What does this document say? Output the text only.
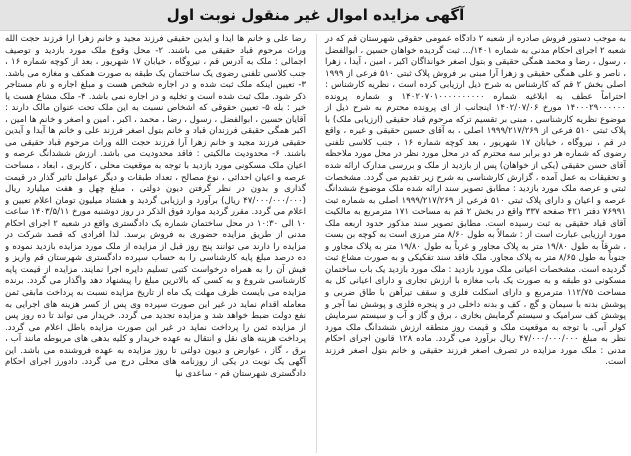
آگهی مزایده اموال غیر منقول نوبت اول

به موجب دستور فروش صادره از شعبه ۲ دادگاه عمومی حقوقی شهرستان قم که در شعبه ۲ اجرای احکام مدنی به شماره ۱۴۰۱/... ثبت گردیده خواهان حسین ، ابوالفضل ، رسول ، رضا و محمد همگی حقیقی و بتول اصغر خوانداگان اکبر ، امین ، آیدا ، زهرا ، ناصر و علی همگی حقیقی و زهرا آرا مبنی بر فروش پلاک ثبتی ۵۱۰ فرعی از ۱۹۹۹ اصلی بخش ۲ قم که کارشناس به شرح ذیل ارزیابی کرده است ، نظریه کارشناس : احتراماً عطف به ابلاغیه شماره ۱۴۰۲۰۷۰۱۰۰۰۰۰۰۰۰۰۰ و شماره پرونده ۱۴۰۰۰۲۹۰۰۰۰۰۰ مورخ ۱۴۰۲/۰۷/۰۶ اینجانب از ای پرونده محترم به شرح ذیل از موضوع نظریه کارشناسی ، مبنی بر تقسیم ترکه مرحوم قباد حقیقی (ارزیابی ملک) با پلاک ثبتی ۵۱۰ فرعی از ۱۹۹۹/۲۱۷/۲۶۹ اصلی ، به آقای حسین حقیقی و غیره ، واقع در قم ، نیروگاه ، خیابان ۱۷ شهریور ، بعد کوچه شماره ۱۶ ، جنب کلاسی تلفنی رضوی که شماره هر دو برابر سه محترم که در محل مورد نظر در محل مورد ملاحظه آقای حسن حقیقی (یکی از خواهان) پس از بازدید از ملک و بررسی مدارک ارائه شده و تحقیقات به عمل آمده ، گزارش کارشناسی به شرح زیر تقدیم می گردد. مشخصات ثبتی و عرصه ملک مورد بازدید : مطابق تصویر سند ارائه شده ملک موضوع ششدانگ عرصه و اعیان و دارای پلاک ثبتی ۵۱۰ فرعی از ۱۹۹۹/۲۱۷/۲۶۹ اصلی به شماره ثبت ۷۶۹۹۱ دفتر ۴۲۱ صفحه ۳۳۷ واقع در بخش ۲ قم به مساحت ۱۷۱ مترمربع به مالکیت آقای قباد حقیقی به ثبت رسیده است. مطابق تصویر سند مذکور حدود اربعه ملک مورد ارزیابی عبارت است از : شمالاً به طول ۸/۶۰ متر مرزی است به کوچه بن بست ، شرقاً به طول ۱۹/۸۰ متر به پلاک مجاور و غرباً به طول ۱۹/۸۰ متر به پلاک مجاور و جنوباً به طول ۸/۶۵ متر به پلاک مجاور. ملک فاقد سند تفکیکی و به صورت مشاع ثبت گردیده است. مشخصات اعیانی ملک مورد بازدید : ملک مورد بازدید یک باب ساختمان مسکونی دو طبقه و به صورت یک باب مغازه با ارزش تجاری و دارای اعیانی کل به مساحت ۱۱۲/۷۵ مترمربع و دارای اسکلت فلزی و سقف تیرآهن با طاق ضربی و پوشش بدنه با سیمان و گچ ، کف و بدنه داخلی در و پنجره فلزی و پوشش نما آجر و پوشش کف سرامیک و سیستم گرمایش بخاری ، برق و گاز و آب و سیستم سرمایش کولر آبی. با توجه به موقعیت ملک و قیمت روز منطقه ارزش ششدانگ ملک مورد نظر به مبلغ ۴۷/۰۰۰/۰۰۰/۰۰۰ ریال برآورد می گردد. ماده ۱۲۸ قانون اجرای احکام مدنی : ملک مورد مزایده در تصرف اصغر فرزند حقیقی و خانم بتول اصغر فرزند است.

رضا علی و خانم ها آیدا و آیدین حقیقی فرزند مجید و خانم زهرا آرا فرزند حجت الله وراث مرحوم قباد حقیقی می باشند. ۲- محل وقوع ملک مورد بازدید و توصیف اجمالی : ملک به آدرس قم ، نیروگاه ، خیابان ۱۷ شهریور ، بعد از کوچه شماره ۱۶ ، جنب کلاسی تلفنی رضوی یک ساختمان یک طبقه به صورت همکف و مغازه می باشد. ۳- تعیین اینکه ملک ثبت شده و در اجاره شخص هست و مبلغ اجاره و نام مستاجر ذکر شود. ملک ثبت شده است و تخلیه و در اجاره نمی باشد. ۴- ملک مشاع هست یا خیر : بله ۵- تعیین حقوقی که اشخاص نسبت به این ملک تحت عنوان مالک دارند : آقایان حسین ، ابوالفضل ، رسول ، رضا ، محمد ، اکبر ، امین و اصغر و خانم ها امین ، اکبر همگی حقیقی فرزندان قباد و خانم بتول اصغر فرزند علی و خانم ها آیدا و آیدین حقیقی فرزند مجید و خانم زهرا آرا فرزند حجت الله وراث مرحوم قباد حقیقی می باشند. ۶- محدودیت مالکیتی : فاقد محدودیت می باشد. ارزش ششدانگ عرصه و اعیان ملک مسکونی مورد بازدید با توجه به موقعیت محلی ، کاربری ، ابعاد ، مساحت عرصه و اعیان احداثی ، نوع مصالح ، تعداد طبقات و دیگر عوامل تاثیر گذار در قیمت گذاری و بدون در نظر گرفتن دیون دولتی ، مبلغ چهل و هفت میلیارد ریال (۴۷/۰۰۰/۰۰۰/۰۰۰ ریال) برآورد و ارزیابی گردید و هشتاد میلیون تومان اعلام تعیین و اعلام می گردد. مقرر گردید موارد فوق الذکر در روز دوشنبه مورخ ۱۴۰۳/۵/۱۱ ساعت ۱۰ الی ۱۰:۳۰ در محل ساختمان شماره یک دادگستری واقع در شعبه ۲ اجرای احکام مدنی از طریق مزایده حضوری به فروش برسد. لذا افرادی که قصد شرکت در مزایده را دارند می توانند پنج روز قبل از مزایده از ملک مورد مزایده بازدید نموده و ده درصد مبلغ پایه کارشناسی را به حساب سپرده دادگستری شهرستان قم واریز و فیش آن را به همراه درخواست کتبی تسلیم دایره اجرا نمایند. مزایده از قیمت پایه کارشناسی شروع و به کسی که بالاترین مبلغ را پیشنهاد دهد واگذار می گردد. برنده مزایده می بایست ظرف مهلت یک ماه از تاریخ مزایده نسبت به پرداخت مابقی ثمن معامله اقدام نماید در غیر این صورت سپرده وی پس از کسر هزینه های اجرایی به نفع دولت ضبط خواهد شد و مزایده تجدید می گردد. خریدار می تواند تا ده روز پس از مزایده ثمن را پرداخت نماید در غیر این صورت مزایده باطل اعلام می گردد. پرداخت هزینه های نقل و انتقال به عهده خریدار و کلیه بدهی های مربوطه مانند آب ، برق ، گاز ، عوارض و دیون دولتی تا روز مزایده به عهده فروشنده می باشد. این آگهی یک نوبت در یکی از روزنامه های محلی درج می گردد. دادورز اجرای احکام دادگستری شهرستان قم - ساعدی نیا
